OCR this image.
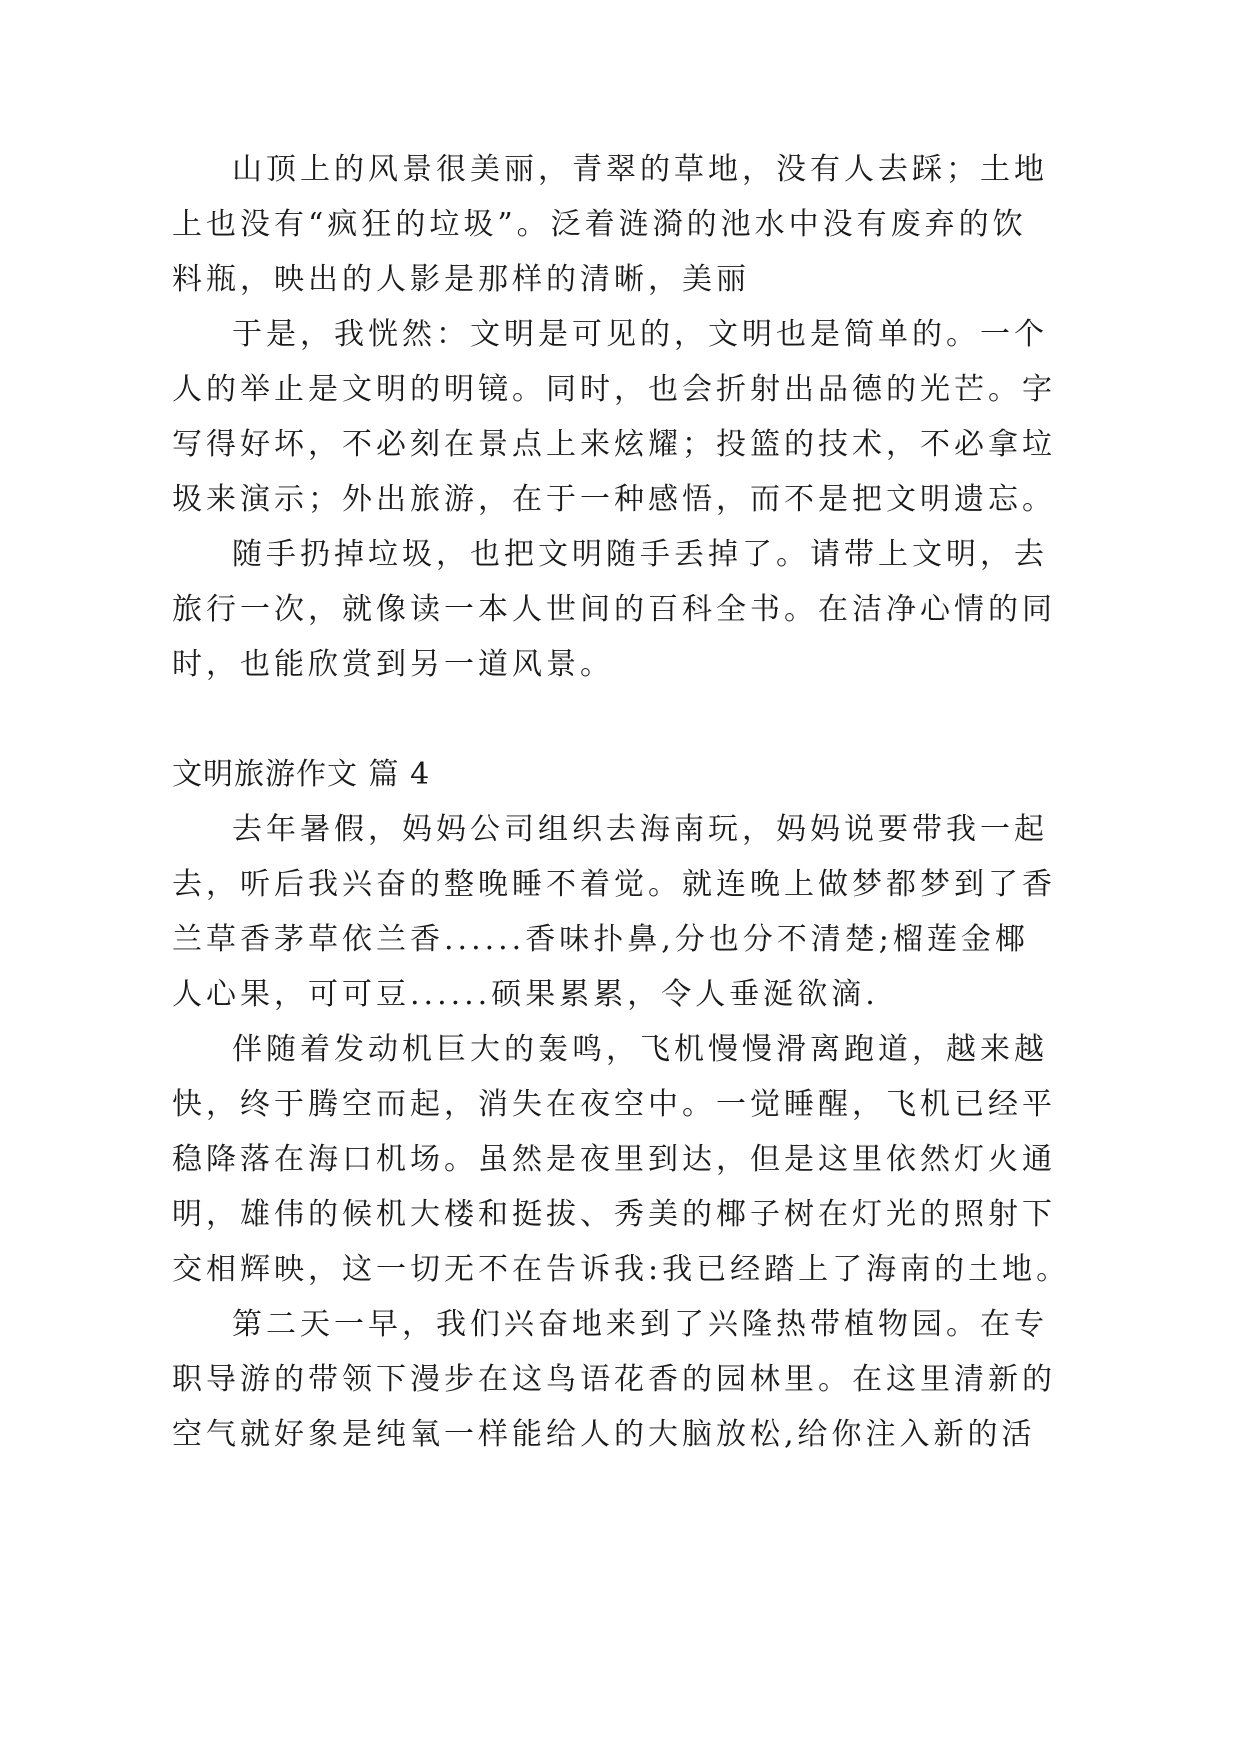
山顶上的风景很美丽，青翠的草地，没有人去踩；土地
上也没有“疯狂的垃圾”。泛着涟漪的池水中没有废弃的饮
料瓶，映出的人影是那样的清晰，美丽
于是，我恍然：文明是可见的，文明也是简单的。一个
人的举止是文明的明镜。同时，也会折射出品德的光芒。字
写得好坏，不必刻在景点上来炫耀；投篮的技术，不必拿垃
圾来演示；外出旅游，在于一种感悟，而不是把文明遗忘。
随手扔掉垃圾，也把文明随手丢掉了。请带上文明，去
旅行一次，就像读一本人世间的百科全书。在洁净心情的同
时，也能欣赏到另一道风景。
文明旅游作文 篇 4
去年暑假，妈妈公司组织去海南玩，妈妈说要带我一起
去，听后我兴奋的整晚睡不着觉。就连晚上做梦都梦到了香
兰草香茅草依兰香......香味扑鼻,分也分不清楚;榴莲金椰
人心果，可可豆......硕果累累，令人垂涎欲滴.
伴随着发动机巨大的轰鸣，飞机慢慢滑离跑道，越来越
快，终于腾空而起，消失在夜空中。一觉睡醒，飞机已经平
稳降落在海口机场。虽然是夜里到达，但是这里依然灯火通
明，雄伟的候机大楼和挺拔、秀美的椰子树在灯光的照射下
交相辉映，这一切无不在告诉我:我已经踏上了海南的土地。
第二天一早，我们兴奋地来到了兴隆热带植物园。在专
职导游的带领下漫步在这鸟语花香的园林里。在这里清新的
空气就好象是纯氧一样能给人的大脑放松,给你注入新的活
